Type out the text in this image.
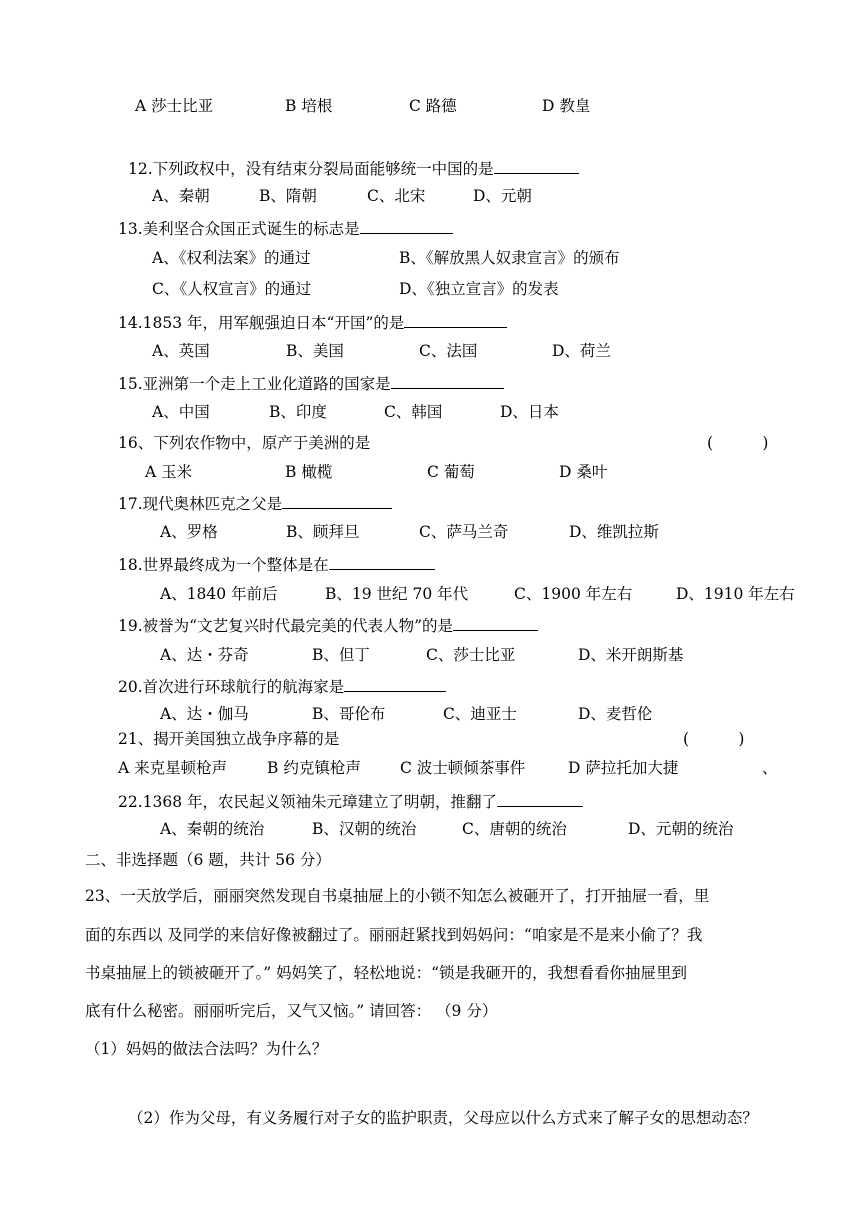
A 莎士比亚	B 培根	C 路德	D 教皇
12.下列政权中，没有结束分裂局面能够统一中国的是
A、秦朝	B、隋朝	C、北宋	D、元朝
13.美利坚合众国正式诞生的标志是
A、《权利法案》的通过	B、《解放黑人奴隶宣言》的颁布
C、《人权宣言》的通过	D、《独立宣言》的发表
14.1853 年，用军舰强迫日本“开国”的是
A、英国	B、美国	C、法国	D、荷兰
15.亚洲第一个走上工业化道路的国家是
A、中国	B、印度	C、韩国	D、日本
16、下列农作物中，原产于美洲的是	(          )
A 玉米	B 橄榄	C 葡萄	D 桑叶
17.现代奥林匹克之父是
A、罗格	B、顾拜旦	C、萨马兰奇	D、维凯拉斯
18.世界最终成为一个整体是在
A、1840 年前后	B、19 世纪 70 年代	C、1900 年左右	D、1910 年左右
19.被誉为“文艺复兴时代最完美的代表人物”的是
A、达・芬奇	B、但丁	C、莎士比亚	D、米开朗斯基
20.首次进行环球航行的航海家是
A、达・伽马	B、哥伦布	C、迪亚士	D、麦哲伦
21、揭开美国独立战争序幕的是	(          )
A 来克星顿枪声	B 约克镇枪声	C 波士顿倾茶事件	D 萨拉托加大捷	、
22.1368 年，农民起义领袖朱元璋建立了明朝，推翻了
A、秦朝的统治	B、汉朝的统治	C、唐朝的统治	D、元朝的统治
二、非选择题（6 题，共计 56 分）
23、一天放学后，丽丽突然发现自书桌抽屉上的小锁不知怎么被砸开了，打开抽屉一看，里
面的东西以 及同学的来信好像被翻过了。丽丽赶紧找到妈妈问：“咱家是不是来小偷了？我
书桌抽屉上的锁被砸开了。” 妈妈笑了，轻松地说：“锁是我砸开的，我想看看你抽屉里到
底有什么秘密。丽丽听完后，又气又恼。” 请回答： （9 分）
（1）妈妈的做法合法吗？为什么？
（2）作为父母，有义务履行对子女的监护职责，父母应以什么方式来了解子女的思想动态？
